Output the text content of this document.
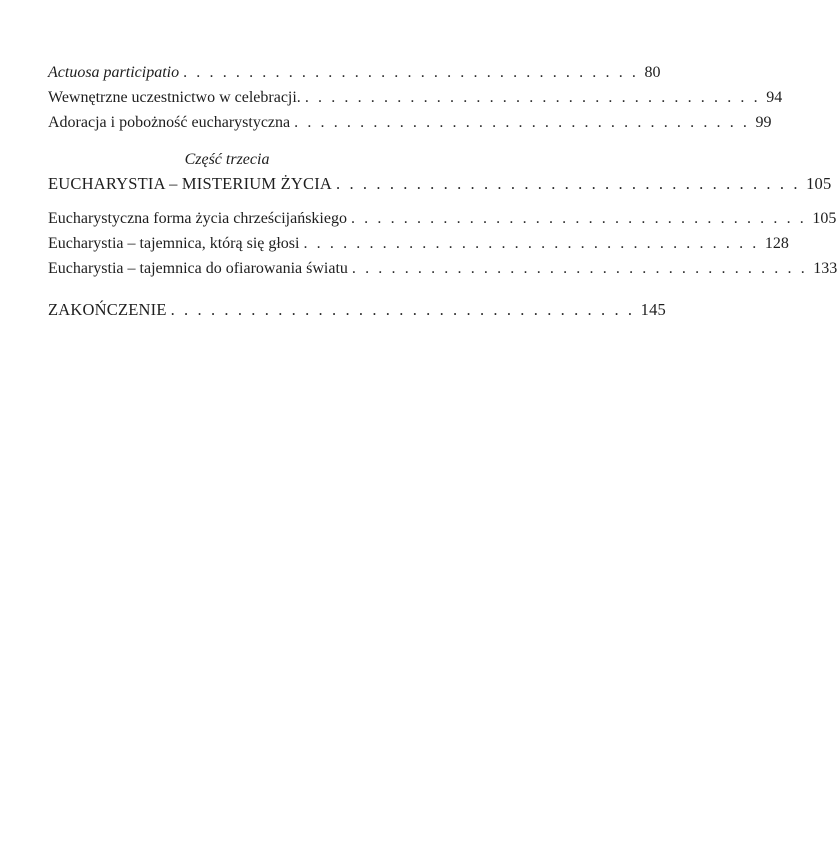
Actuosa participatio . . . . . . . . . . . . . . . . . . . . . . . . . . . . . . . . . . . 80
Wewnętrzne uczestnictwo w celebracji. . . . . . . . . . . . . . . . . . . . . . . . . . . . . . . . . . . . 94
Adoracja i pobożność eucharystyczna . . . . . . . . . . . . . . . . . . . . . . . . . . . . . . . . . . . 99
Część trzecia
EUCHARYSTIA – MISTERIUM ŻYCIA . . . . . . . . . . . . . . . . . . . . . . . . . . . . . . . . . . . 105
Eucharystyczna forma życia chrześcijańskiego . . . . . . . . . . . . . . . . . . . . . . . . . . . . . . . . . . . 105
Eucharystia – tajemnica, którą się głosi . . . . . . . . . . . . . . . . . . . . . . . . . . . . . . . . . . . 128
Eucharystia – tajemnica do ofiarowania światu . . . . . . . . . . . . . . . . . . . . . . . . . . . . . . . . . . . 133
ZAKOŃCZENIE . . . . . . . . . . . . . . . . . . . . . . . . . . . . . . . . . . . 145
